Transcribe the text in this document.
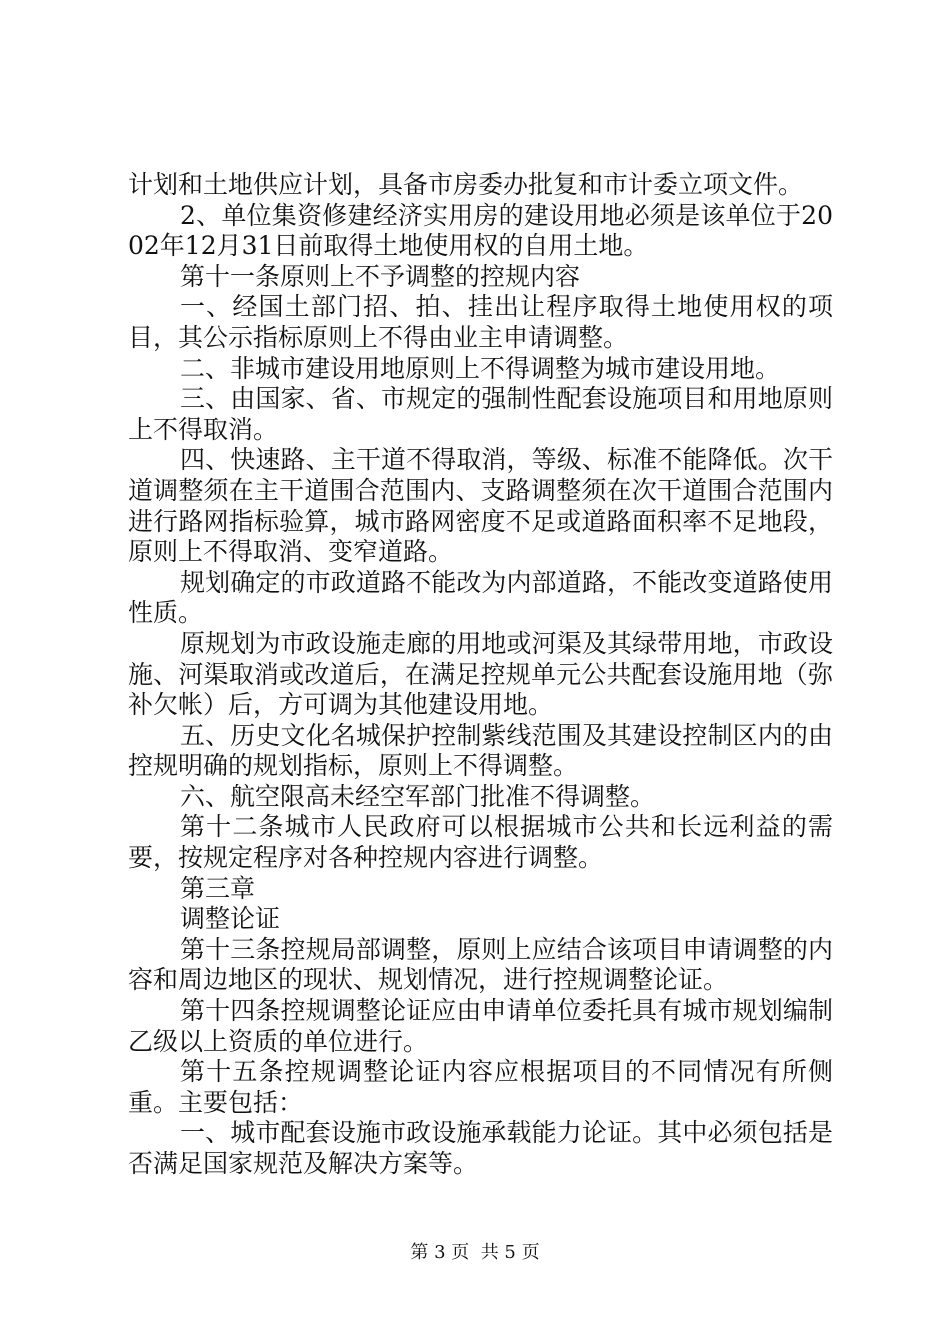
计划和土地供应计划，具备市房委办批复和市计委立项文件。

2、单位集资修建经济实用房的建设用地必须是该单位于2002年12月31日前取得土地使用权的自用土地。

第十一条原则上不予调整的控规内容

一、经国土部门招、拍、挂出让程序取得土地使用权的项目，其公示指标原则上不得由业主申请调整。

二、非城市建设用地原则上不得调整为城市建设用地。

三、由国家、省、市规定的强制性配套设施项目和用地原则上不得取消。

四、快速路、主干道不得取消，等级、标准不能降低。次干道调整须在主干道围合范围内、支路调整须在次干道围合范围内进行路网指标验算，城市路网密度不足或道路面积率不足地段，原则上不得取消、变窄道路。

规划确定的市政道路不能改为内部道路，不能改变道路使用性质。

原规划为市政设施走廊的用地或河渠及其绿带用地，市政设施、河渠取消或改道后，在满足控规单元公共配套设施用地（弥补欠帐）后，方可调为其他建设用地。

五、历史文化名城保护控制紫线范围及其建设控制区内的由控规明确的规划指标，原则上不得调整。

六、航空限高未经空军部门批准不得调整。

第十二条城市人民政府可以根据城市公共和长远利益的需要，按规定程序对各种控规内容进行调整。

第三章

调整论证

第十三条控规局部调整，原则上应结合该项目申请调整的内容和周边地区的现状、规划情况，进行控规调整论证。

第十四条控规调整论证应由申请单位委托具有城市规划编制乙级以上资质的单位进行。

第十五条控规调整论证内容应根据项目的不同情况有所侧重。主要包括：

一、城市配套设施市政设施承载能力论证。其中必须包括是否满足国家规范及解决方案等。

第 3 页  共 5 页
